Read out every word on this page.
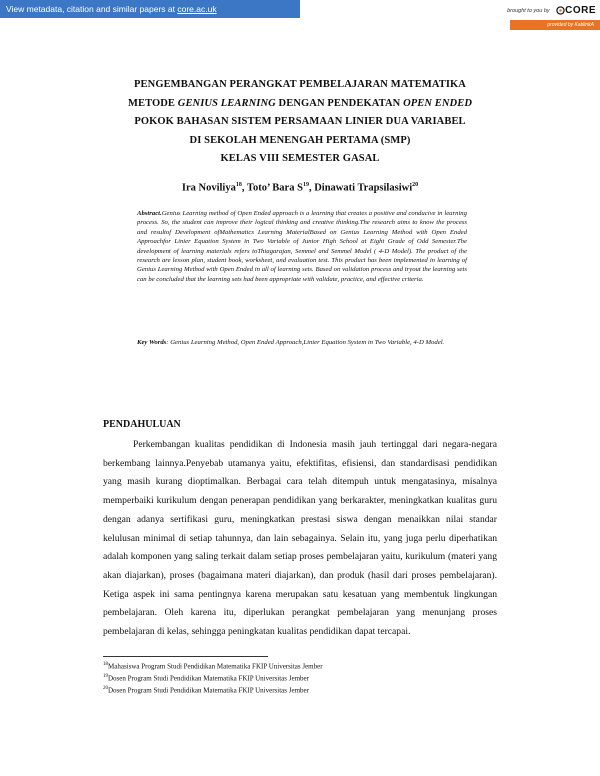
View metadata, citation and similar papers at core.ac.uk	brought to you by CORE
provided by KatilinkA
PENGEMBANGAN PERANGKAT PEMBELAJARAN MATEMATIKA
METODE GENIUS LEARNING DENGAN PENDEKATAN OPEN ENDED
POKOK BAHASAN SISTEM PERSAMAAN LINIER DUA VARIABEL
DI SEKOLAH MENENGAH PERTAMA (SMP)
KELAS VIII SEMESTER GASAL
Ira Noviliya$^{18}$, Toto’ Bara $S^{19}$, Dinawati Trapsilasiwi$^{20}$
Abstract.Genius Learning method of Open Ended approach is a learning that creates a positive and conducive in learning process. So, the student can improve their logical thinking and creative thinking.The research aims to know the process and resultof Development ofMathematics Learning MaterialBased on Genius Learning Method with Open Ended Approachfor Linier Equation System in Two Variable of Junior High School at Eight Grade of Odd Semester.The development of learning materials refers toThiagarajan, Semmel and Semmel Model ( 4-D Model). The product of the research are lesson plan, student book, worksheet, and evaluation test. This product has been implemented in learning of Genius Learning Method with Open Ended in all of learning sets. Based on validation process and tryout the learning sets can be concluded that the learning sets had been appropriate with validate, practice, and effective criteria.
Key Words: Genius Learning Method, Open Ended Approach,Linier Equation System in Two Variable, 4-D Model.
PENDAHULUAN
Perkembangan kualitas pendidikan di Indonesia masih jauh tertinggal dari negara-negara berkembang lainnya.Penyebab utamanya yaitu, efektifitas, efisiensi, dan standardisasi pendidikan yang masih kurang dioptimalkan. Berbagai cara telah ditempuh untuk mengatasinya, misalnya memperbaiki kurikulum dengan penerapan pendidikan yang berkarakter, meningkatkan kualitas guru dengan adanya sertifikasi guru, meningkatkan prestasi siswa dengan menaikkan nilai standar kelulusan minimal di setiap tahunnya, dan lain sebagainya. Selain itu, yang juga perlu diperhatikan adalah komponen yang saling terkait dalam setiap proses pembelajaran yaitu, kurikulum (materi yang akan diajarkan), proses (bagaimana materi diajarkan), dan produk (hasil dari proses pembelajaran). Ketiga aspek ini sama pentingnya karena merupakan satu kesatuan yang membentuk lingkungan pembelajaran. Oleh karena itu, diperlukan perangkat pembelajaran yang menunjang proses pembelajaran di kelas, sehingga peningkatan kualitas pendidikan dapat tercapai.
$^{18}$Mahasiswa Program Studi Pendidikan Matematika FKIP Universitas Jember
$^{19}$Dosen Program Studi Pendidikan Matematika FKIP Universitas Jember
$^{20}$Dosen Program Studi Pendidikan Matematika FKIP Universitas Jember
